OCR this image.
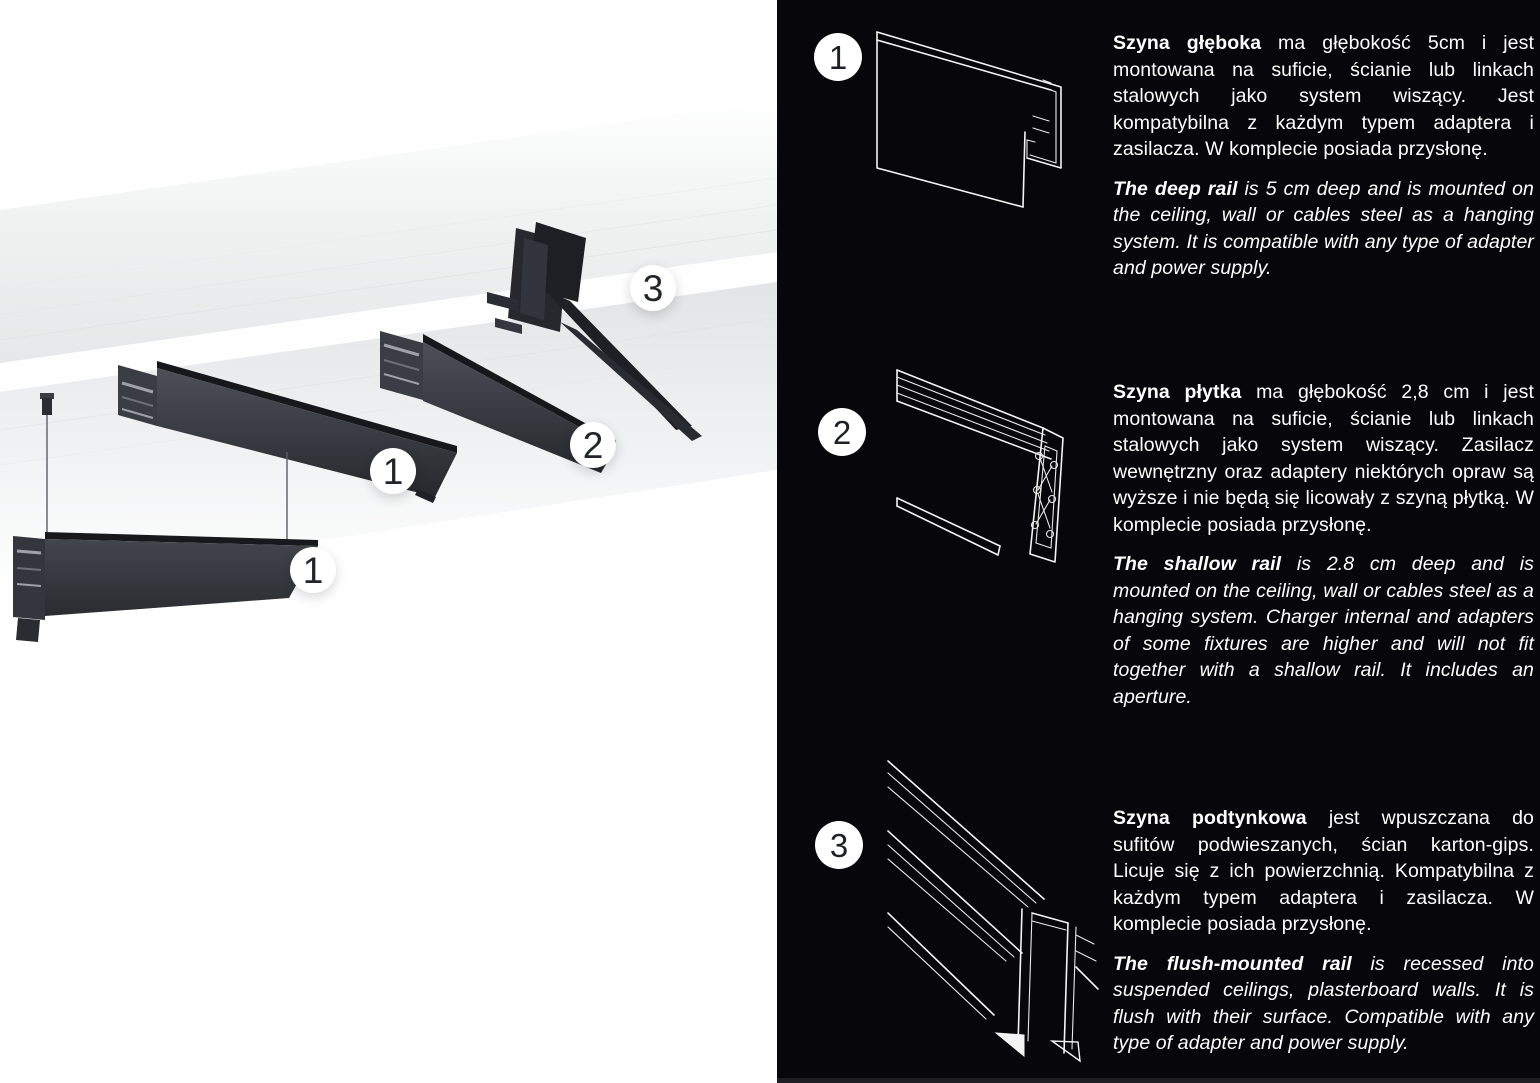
1
1
2
3
1	Szyna głęboka ma głębokość 5cm i jest montowana na suficie, ścianie lub linkach stalowych jako system wiszący. Jest kompatybilna z każdym typem adaptera i zasilacza. W komplecie posiada przysłonę.

The deep rail is 5 cm deep and is mounted on the ceiling, wall or cables steel as a hanging system. It is compatible with any type of adapter and power supply.

2

Szyna płytka ma głębokość 2,8 cm i jest montowana na suficie, ścianie lub linkach stalowych jako system wiszący. Zasilacz wewnętrzny oraz adaptery niektórych opraw są wyższe i nie będą się licowały z szyną płytką. W komplecie posiada przysłonę.

The shallow rail is 2.8 cm deep and is mounted on the ceiling, wall or cables steel as a hanging system. Charger internal and adapters of some fixtures are higher and will not fit together with a shallow rail. It includes an aperture.

3

Szyna podtynkowa jest wpuszczana do sufitów podwieszanych, ścian karton-gips. Licuje się z ich powierzchnią. Kompatybilna z każdym typem adaptera i zasilacza. W komplecie posiada przysłonę.

The flush-mounted rail is recessed into suspended ceilings, plasterboard walls. It is flush with their surface. Compatible with any type of adapter and power supply.
